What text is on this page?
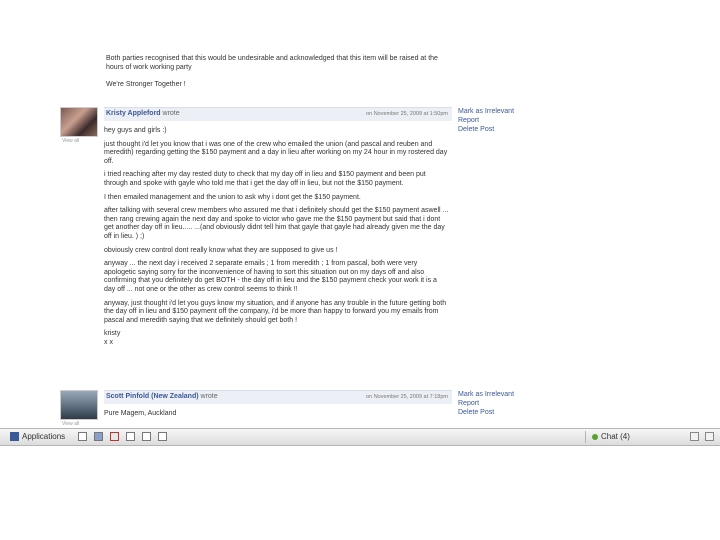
Both parties recognised that this would be undesirable and acknowledged that this item will be raised at the hours of work working party

We're Stronger Together !

View all
Kristy Appleford wrote	on November 25, 2009 at 1:50pm Mark as Irrelevant
Report
Delete Post

hey guys and girls :)

just thought i'd let you know that i was one of the crew who emailed the union (and pascal and reuben and meredith) regarding getting the $150 payment and a day in lieu after working on my 24 hour in my rostered day off.

i tried reaching after my day rested duty to check that my day off in lieu and $150 payment and been put through and spoke with gayle who told me that i get the day off in lieu, but not the $150 payment.

I then emailed management and the union to ask why i dont get the $150 payment.

after talking with several crew members who assured me that i definitely should get the $150 payment aswell ... then rang crewing again the next day and spoke to victor who gave me the $150 payment but said that i dont get another day off in lieu..... ...(and obviously didnt tell him that gayle that gayle had already given me the day off in lieu. ) ;)

obviously crew control dont really know what they are supposed to give us !

anyway ... the next day i received 2 separate emails ; 1 from meredith ; 1 from pascal, both were very apologetic saying sorry for the inconvenience of having to sort this situation out on my days off and also confirming that you definitely do get BOTH - the day off in lieu and the $150 payment check your work it is a day off ... not one or the other as crew control seems to think !!

anyway, just thought i'd let you guys know my situation, and if anyone has any trouble in the future getting both the day off in lieu and $150 payment off the company, i'd be more than happy to forward you my emails from pascal and meredith saying that we definitely should get both !

kristy

x x

View all
Scott Pinfold (New Zealand) wrote	on November 25, 2009 at 7:18pm Mark as Irrelevant
Report
Delete Post

Pure Magem, Auckland

Applications	Chat (4)
